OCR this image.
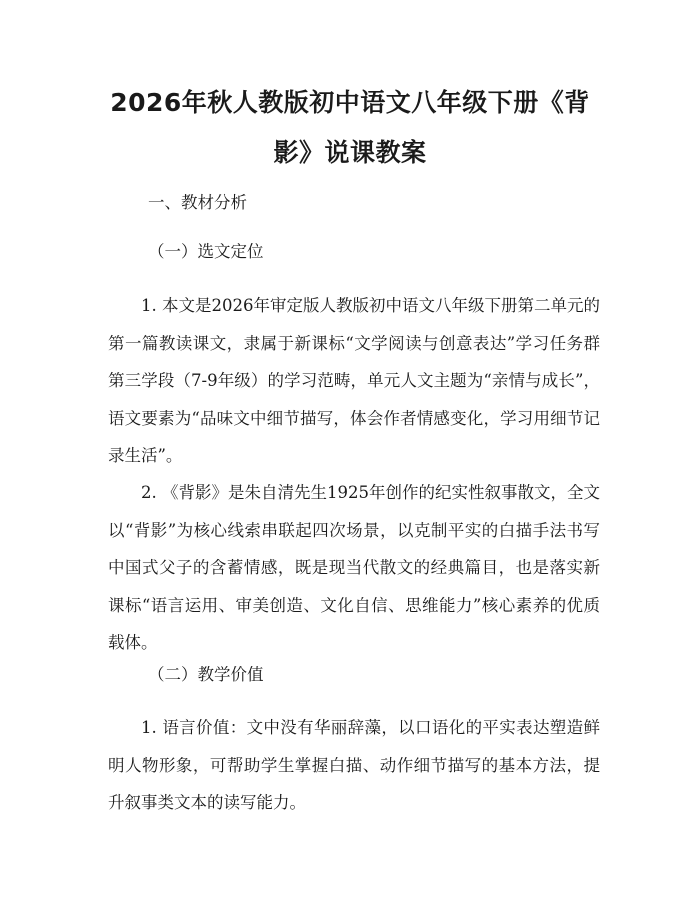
2026年秋人教版初中语文八年级下册《背影》说课教案
一、教材分析
（一）选文定位
1. 本文是2026年审定版人教版初中语文八年级下册第二单元的第一篇教读课文，隶属于新课标“文学阅读与创意表达”学习任务群第三学段（7-9年级）的学习范畴，单元人文主题为“亲情与成长”，语文要素为“品味文中细节描写，体会作者情感变化，学习用细节记录生活”。
2. 《背影》是朱自清先生1925年创作的纪实性叙事散文，全文以“背影”为核心线索串联起四次场景，以克制平实的白描手法书写中国式父子的含蓄情感，既是现当代散文的经典篇目，也是落实新课标“语言运用、审美创造、文化自信、思维能力”核心素养的优质载体。
（二）教学价值
1. 语言价值：文中没有华丽辞藻，以口语化的平实表达塑造鲜明人物形象，可帮助学生掌握白描、动作细节描写的基本方法，提升叙事类文本的读写能力。
